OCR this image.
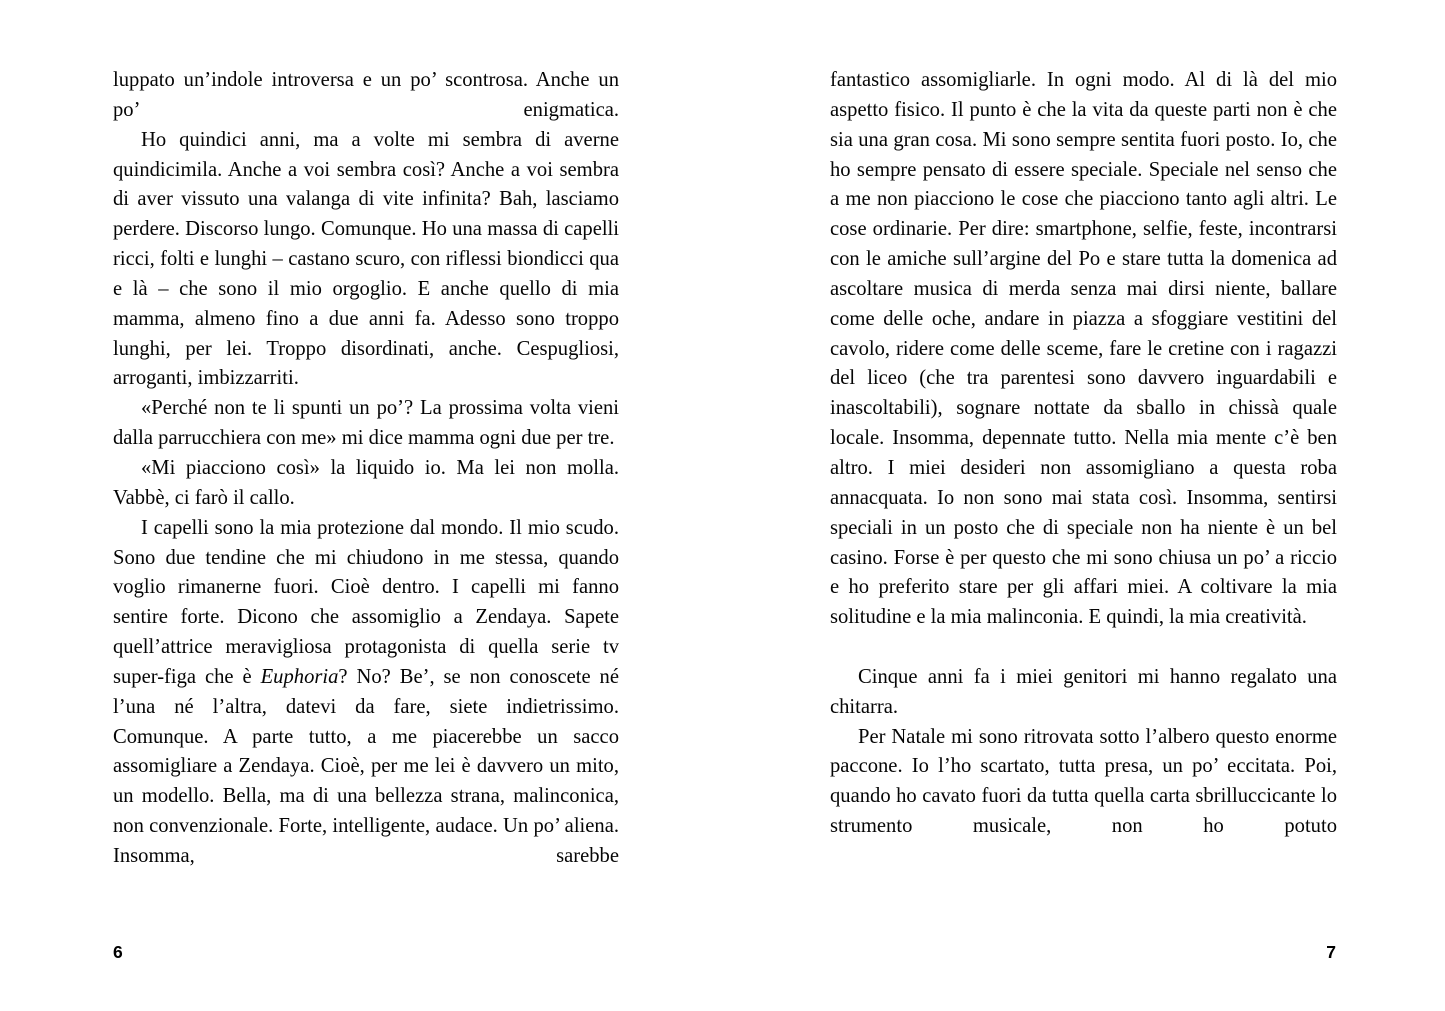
luppato un’indole introversa e un po’ scontrosa. Anche un po’ enigmatica.

Ho quindici anni, ma a volte mi sembra di averne quindicimila. Anche a voi sembra così? Anche a voi sembra di aver vissuto una valanga di vite infinita? Bah, lasciamo perdere. Discorso lungo. Comunque. Ho una massa di capelli ricci, folti e lunghi – castano scuro, con riflessi biondicci qua e là – che sono il mio orgoglio. E anche quello di mia mamma, almeno fino a due anni fa. Adesso sono troppo lunghi, per lei. Troppo disordinati, anche. Cespugliosi, arroganti, imbizzarriti.

«Perché non te li spunti un po’? La prossima volta vieni dalla parrucchiera con me» mi dice mamma ogni due per tre.

«Mi piacciono così» la liquido io. Ma lei non molla. Vabbè, ci farò il callo.

I capelli sono la mia protezione dal mondo. Il mio scudo. Sono due tendine che mi chiudono in me stessa, quando voglio rimanerne fuori. Cioè dentro. I capelli mi fanno sentire forte. Dicono che assomiglio a Zendaya. Sapete quell’attrice meravigliosa protagonista di quella serie tv super-figa che è Euphoria? No? Be’, se non conoscete né l’una né l’altra, datevi da fare, siete indietrissimo. Comunque. A parte tutto, a me piacerebbe un sacco assomigliare a Zendaya. Cioè, per me lei è davvero un mito, un modello. Bella, ma di una bellezza strana, malinconica, non convenzionale. Forte, intelligente, audace. Un po’ aliena. Insomma, sarebbe

6

fantastico assomigliarle. In ogni modo. Al di là del mio aspetto fisico. Il punto è che la vita da queste parti non è che sia una gran cosa. Mi sono sempre sentita fuori posto. Io, che ho sempre pensato di essere speciale. Speciale nel senso che a me non piacciono le cose che piacciono tanto agli altri. Le cose ordinarie. Per dire: smartphone, selfie, feste, incontrarsi con le amiche sull’argine del Po e stare tutta la domenica ad ascoltare musica di merda senza mai dirsi niente, ballare come delle oche, andare in piazza a sfoggiare vestitini del cavolo, ridere come delle sceme, fare le cretine con i ragazzi del liceo (che tra parentesi sono davvero inguardabili e inascoltabili), sognare nottate da sballo in chissà quale locale. Insomma, depennate tutto. Nella mia mente c’è ben altro. I miei desideri non assomigliano a questa roba annacquata. Io non sono mai stata così. Insomma, sentirsi speciali in un posto che di speciale non ha niente è un bel casino. Forse è per questo che mi sono chiusa un po’ a riccio e ho preferito stare per gli affari miei. A coltivare la mia solitudine e la mia malinconia. E quindi, la mia creatività.

Cinque anni fa i miei genitori mi hanno regalato una chitarra.

Per Natale mi sono ritrovata sotto l’albero questo enorme paccone. Io l’ho scartato, tutta presa, un po’ eccitata. Poi, quando ho cavato fuori da tutta quella carta sbrilluccicante lo strumento musicale, non ho potuto

7
